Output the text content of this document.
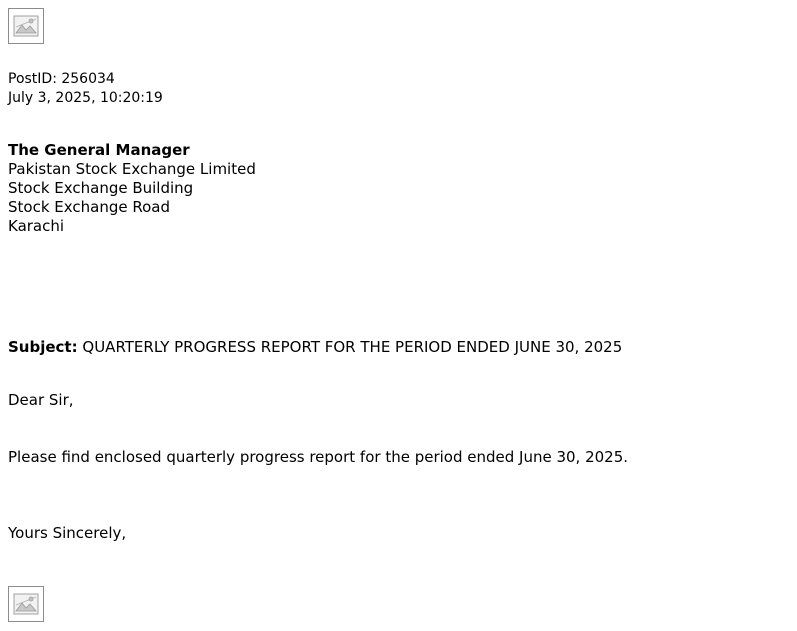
PostID: 256034
July 3, 2025, 10:20:19
The General Manager
Pakistan Stock Exchange Limited
Stock Exchange Building
Stock Exchange Road
Karachi
Subject: QUARTERLY PROGRESS REPORT FOR THE PERIOD ENDED JUNE 30, 2025
Dear Sir,
Please find enclosed quarterly progress report for the period ended June 30, 2025.
Yours Sincerely,
